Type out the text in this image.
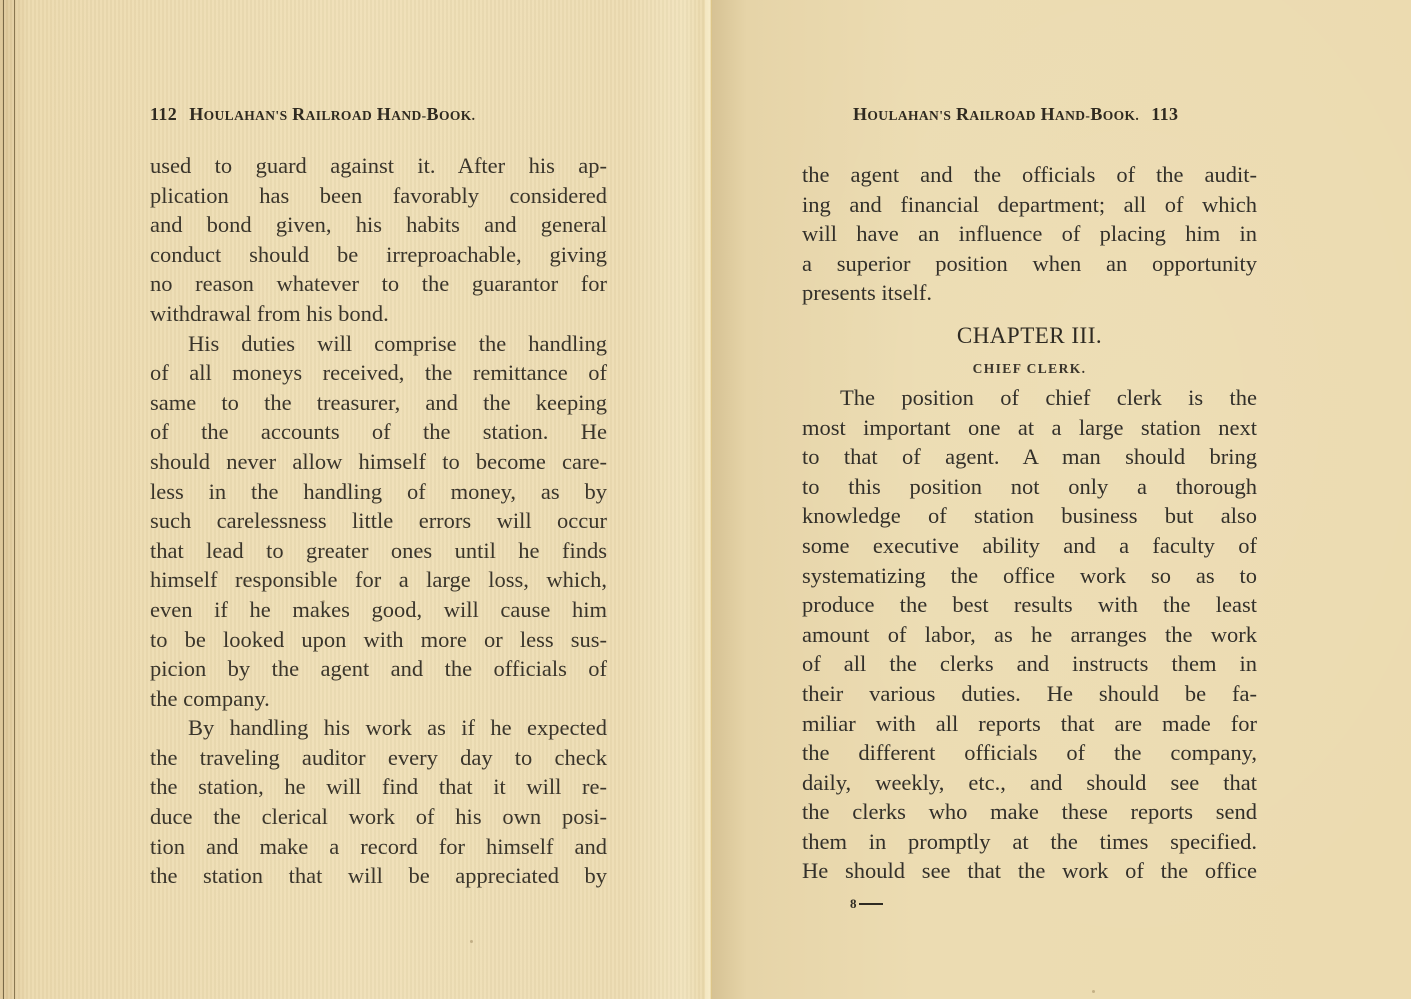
112 HOULAHAN'S RAILROAD HAND-BOOK.
used to guard against it. After his ap-
plication has been favorably considered
and bond given, his habits and general
conduct should be irreproachable, giving
no reason whatever to the guarantor for
withdrawal from his bond.
His duties will comprise the handling
of all moneys received, the remittance of
same to the treasurer, and the keeping
of the accounts of the station. He
should never allow himself to become care-
less in the handling of money, as by
such carelessness little errors will occur
that lead to greater ones until he finds
himself responsible for a large loss, which,
even if he makes good, will cause him
to be looked upon with more or less sus-
picion by the agent and the officials of
the company.
By handling his work as if he expected
the traveling auditor every day to check
the station, he will find that it will re-
duce the clerical work of his own posi-
tion and make a record for himself and
the station that will be appreciated by
HOULAHAN'S RAILROAD HAND-BOOK. 113
the agent and the officials of the audit-
ing and financial department; all of which
will have an influence of placing him in
a superior position when an opportunity
presents itself.
CHAPTER III.
CHIEF CLERK.
The position of chief clerk is the
most important one at a large station next
to that of agent. A man should bring
to this position not only a thorough
knowledge of station business but also
some executive ability and a faculty of
systematizing the office work so as to
produce the best results with the least
amount of labor, as he arranges the work
of all the clerks and instructs them in
their various duties. He should be fa-
miliar with all reports that are made for
the different officials of the company,
daily, weekly, etc., and should see that
the clerks who make these reports send
them in promptly at the times specified.
He should see that the work of the office
8
